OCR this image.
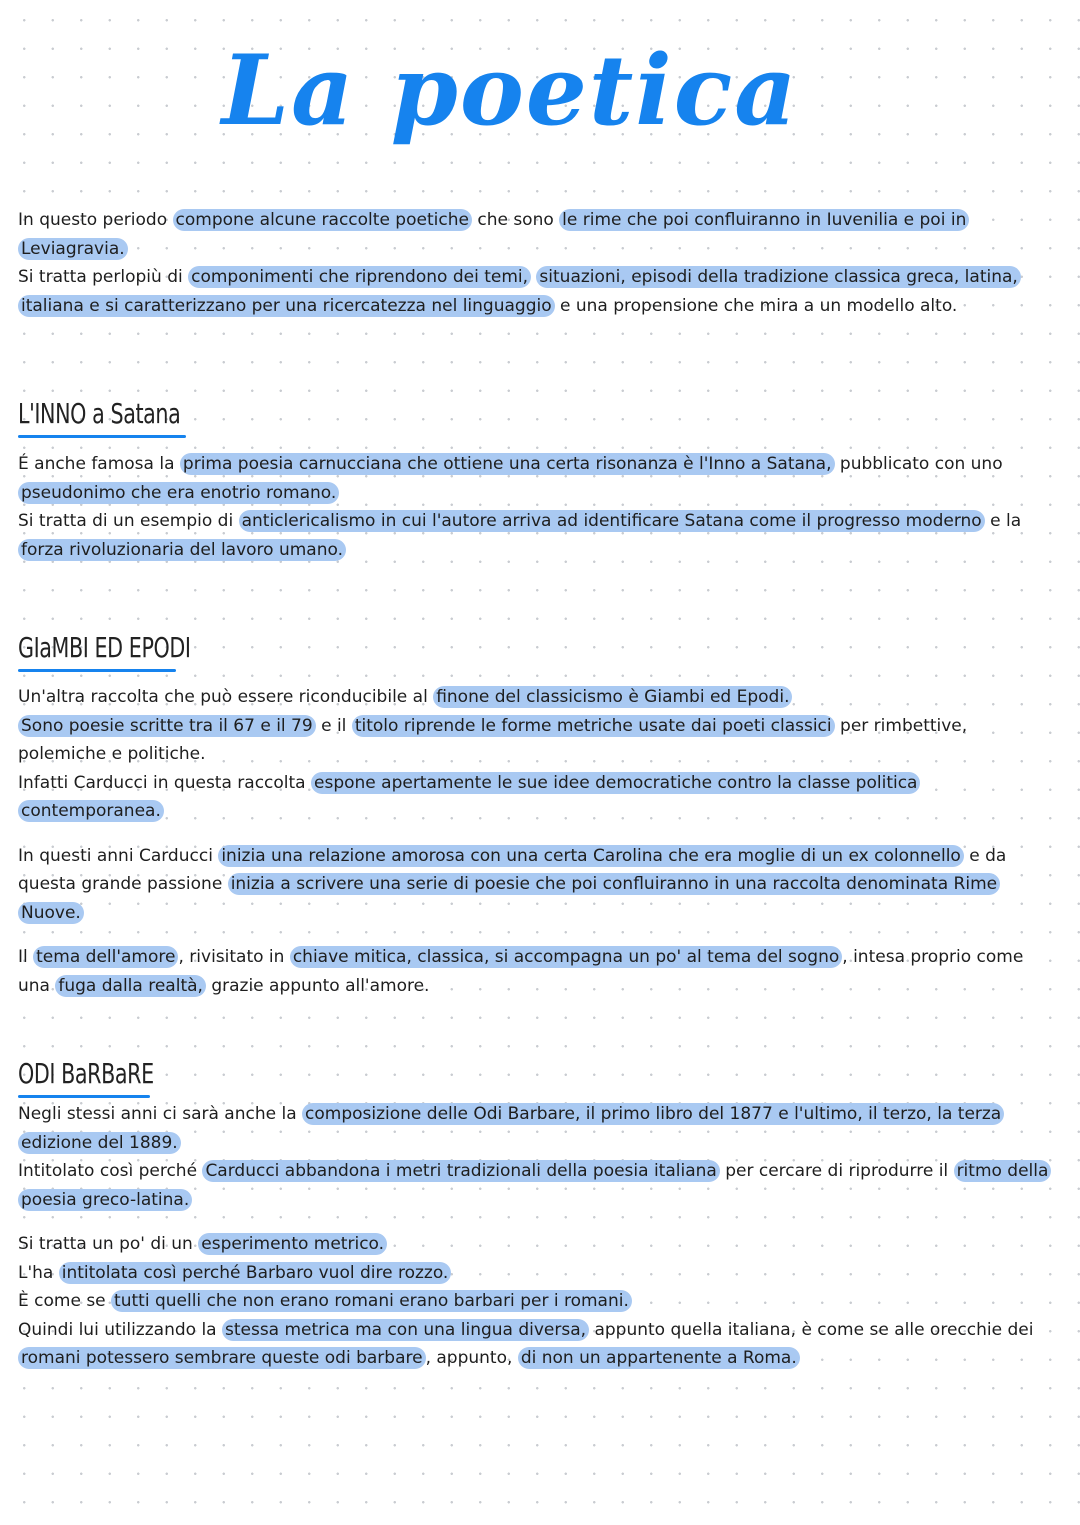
La poetica

In questo periodo compone alcune raccolte poetiche che sono le rime che poi confluiranno in Iuvenilia e poi in Leviagravia.

Si tratta perlopiù di componimenti che riprendono dei temi, situazioni, episodi della tradizione classica greca, latina, italiana e si caratterizzano per una ricercatezza nel linguaggio e una propensione che mira a un modello alto.

L'INNO a Satana

É anche famosa la prima poesia carnucciana che ottiene una certa risonanza è l'Inno a Satana, pubblicato con uno pseudonimo che era enotrio romano.

Si tratta di un esempio di anticlericalismo in cui l'autore arriva ad identificare Satana come il progresso moderno e la forza rivoluzionaria del lavoro umano.

GIaMBI ED EPODI

Un'altra raccolta che può essere riconducibile al finone del classicismo è Giambi ed Epodi.

Sono poesie scritte tra il 67 e il 79 e il titolo riprende le forme metriche usate dai poeti classici per rimbettive, polemiche e politiche.

Infatti Carducci in questa raccolta espone apertamente le sue idee democratiche contro la classe politica contemporanea.

In questi anni Carducci inizia una relazione amorosa con una certa Carolina che era moglie di un ex colonnello e da questa grande passione inizia a scrivere una serie di poesie che poi confluiranno in una raccolta denominata Rime Nuove.

Il tema dell'amore , rivisitato in chiave mitica, classica, si accompagna un po' al tema del sogno , intesa proprio come una fuga dalla realtà, grazie appunto all'amore.

ODI BaRBaRE

Negli stessi anni ci sarà anche la composizione delle Odi Barbare, il primo libro del 1877 e l'ultimo, il terzo, la terza edizione del 1889.

Intitolato così perché Carducci abbandona i metri tradizionali della poesia italiana per cercare di riprodurre il ritmo della poesia greco-latina.

Si tratta un po' di un esperimento metrico.

L'ha intitolata così perché Barbaro vuol dire rozzo.

È come se tutti quelli che non erano romani erano barbari per i romani.

Quindi lui utilizzando la stessa metrica ma con una lingua diversa, appunto quella italiana, è come se alle orecchie dei romani potessero sembrare queste odi barbare , appunto, di non un appartenente a Roma.
